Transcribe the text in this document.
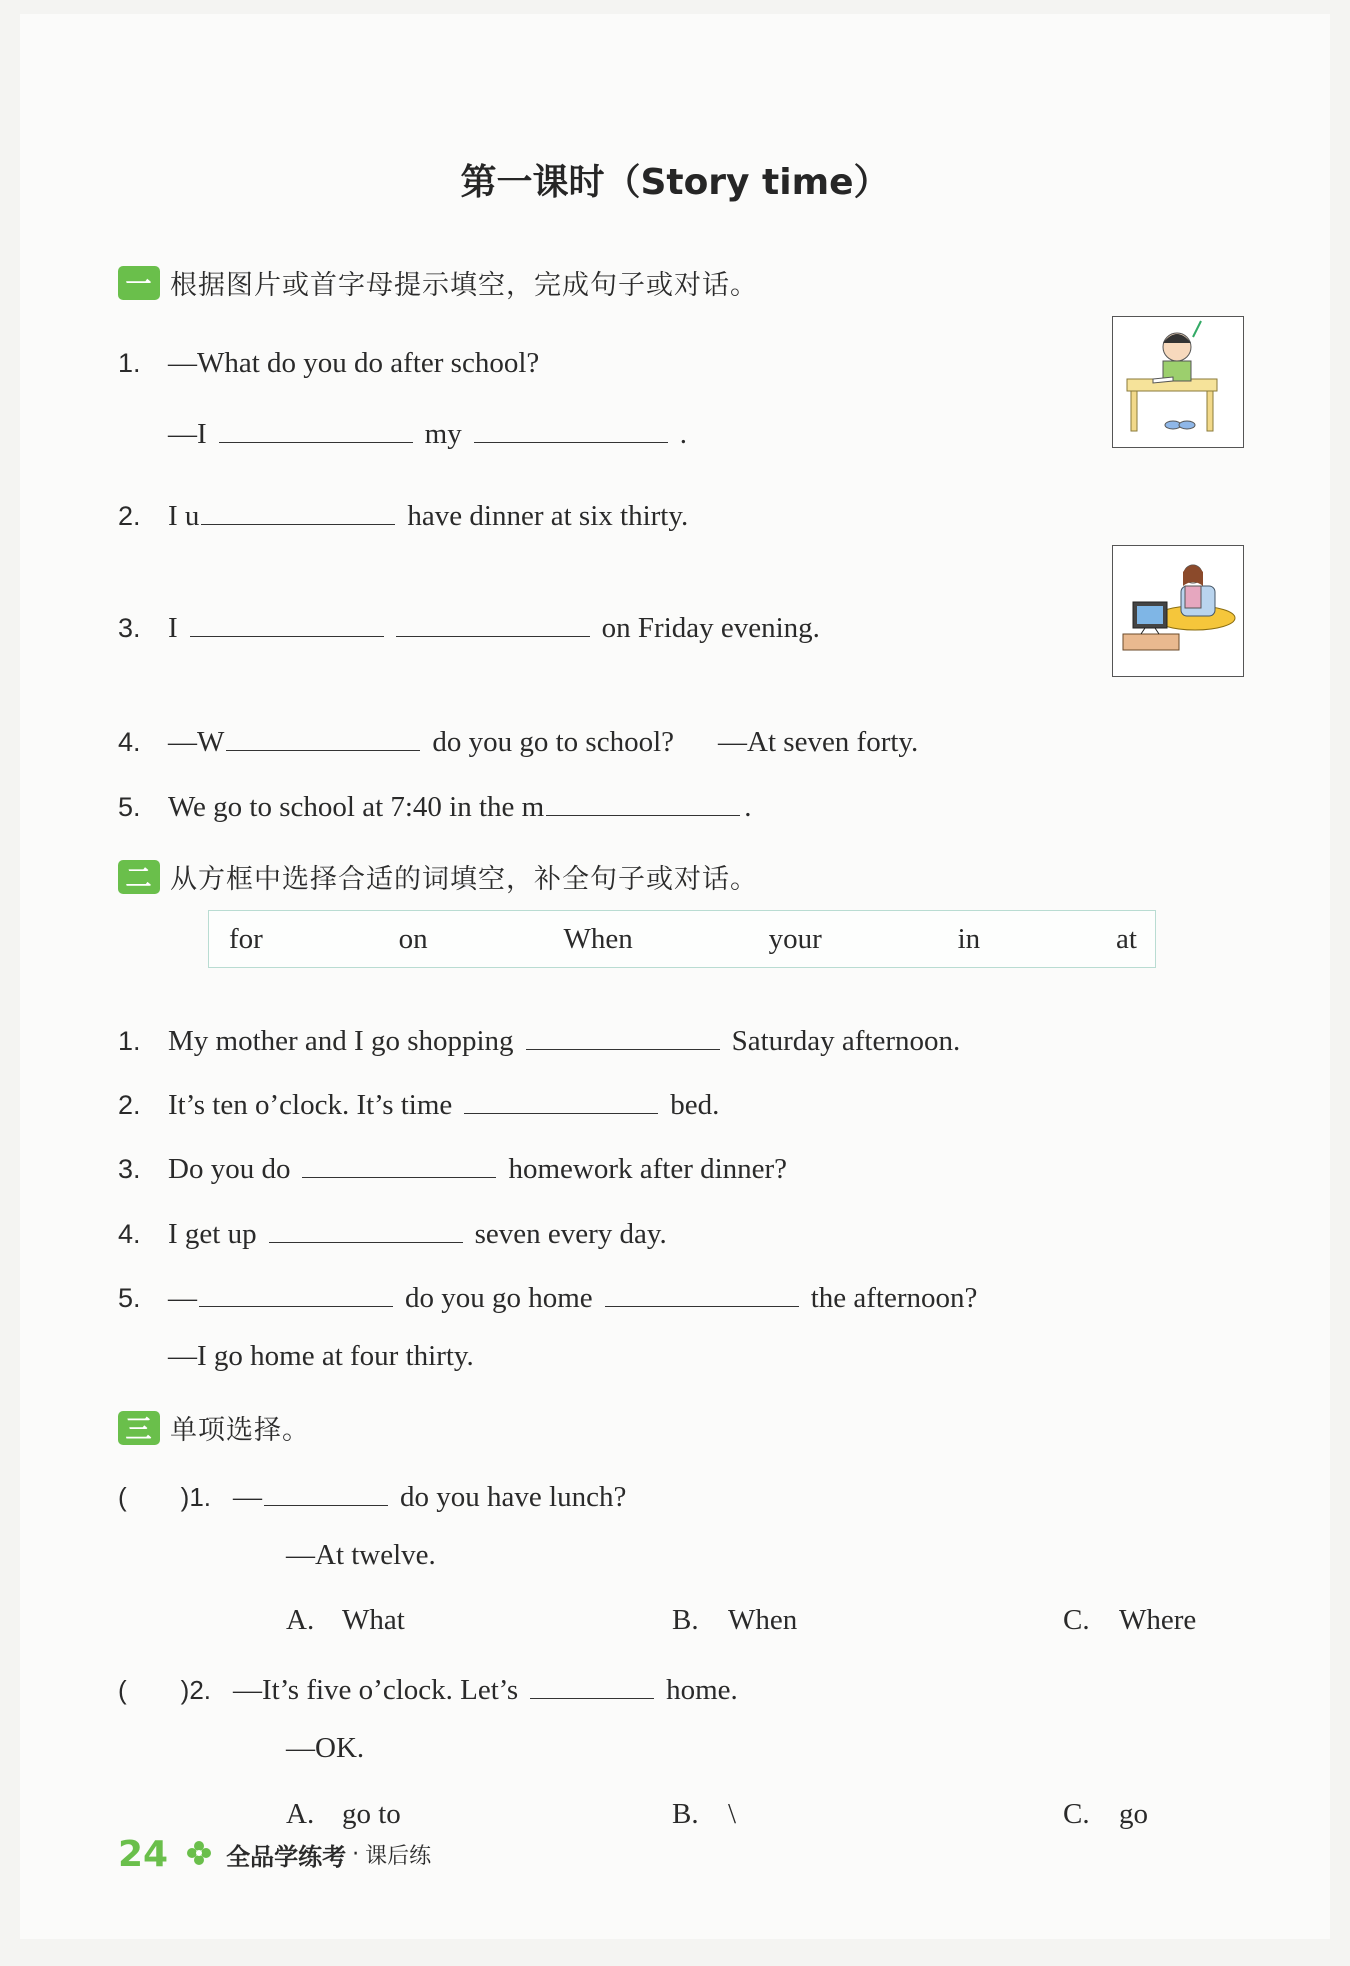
第一课时（Story time）
一 根据图片或首字母提示填空，完成句子或对话。
1. —What do you do after school?
—I	my	.
2. I u	have dinner at six thirty.
3. I	on Friday evening.
4. —W	do you go to school? —At seven forty.
5. We go to school at 7:40 in the m	.
二 从方框中选择合适的词填空，补全句子或对话。
for	on	When	your	in	at
1. My mother and I go shopping	Saturday afternoon.
2. It’s ten o’clock. It’s time	bed.
3. Do you do	homework after dinner?
4. I get up	seven every day.
5. —	do you go home	the afternoon?
—I go home at four thirty.
三 单项选择。
( )1. —	do you have lunch?
—At twelve.
A. What	B. When	C. Where
( )2. —It’s five o’clock. Let’s	home.
—OK.
A. go to	B. \	C. go
24 全品学练考 · 课后练
